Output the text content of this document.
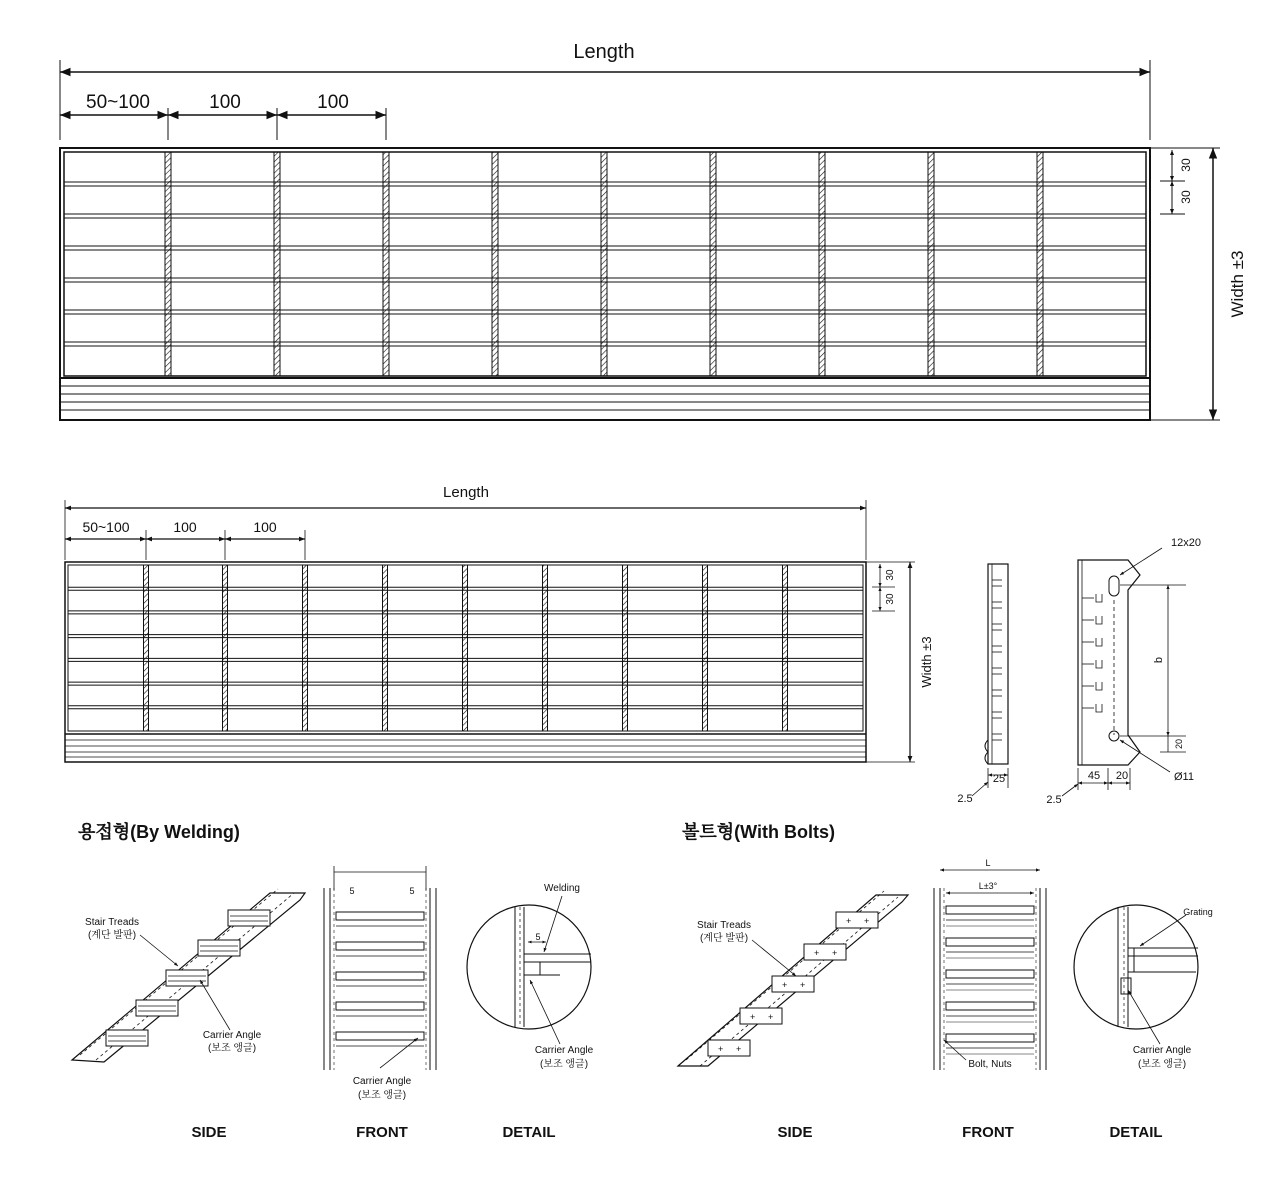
Length
50~100	100	100
Width ±3
30
30
Length
50~100	100	100
Width ±3
30
30
25
2.5
b
20
12x20
Ø11
45 20
2.5
용접형(By Welding)
Stair Treads
(계단 발판)
Carrier Angle
(보조 앵글)
5	5
Carrier Angle
(보조 앵글)
5
Welding
Carrier Angle
(보조 앵글)
SIDE	FRONT	DETAIL
볼트형(With Bolts)
+ +
+ +
+ +
+ +
+ +
Stair Treads
(계단 발판)
L
L±3°
Bolt, Nuts
Grating
Carrier Angle
(보조 앵글)
SIDE	FRONT	DETAIL
